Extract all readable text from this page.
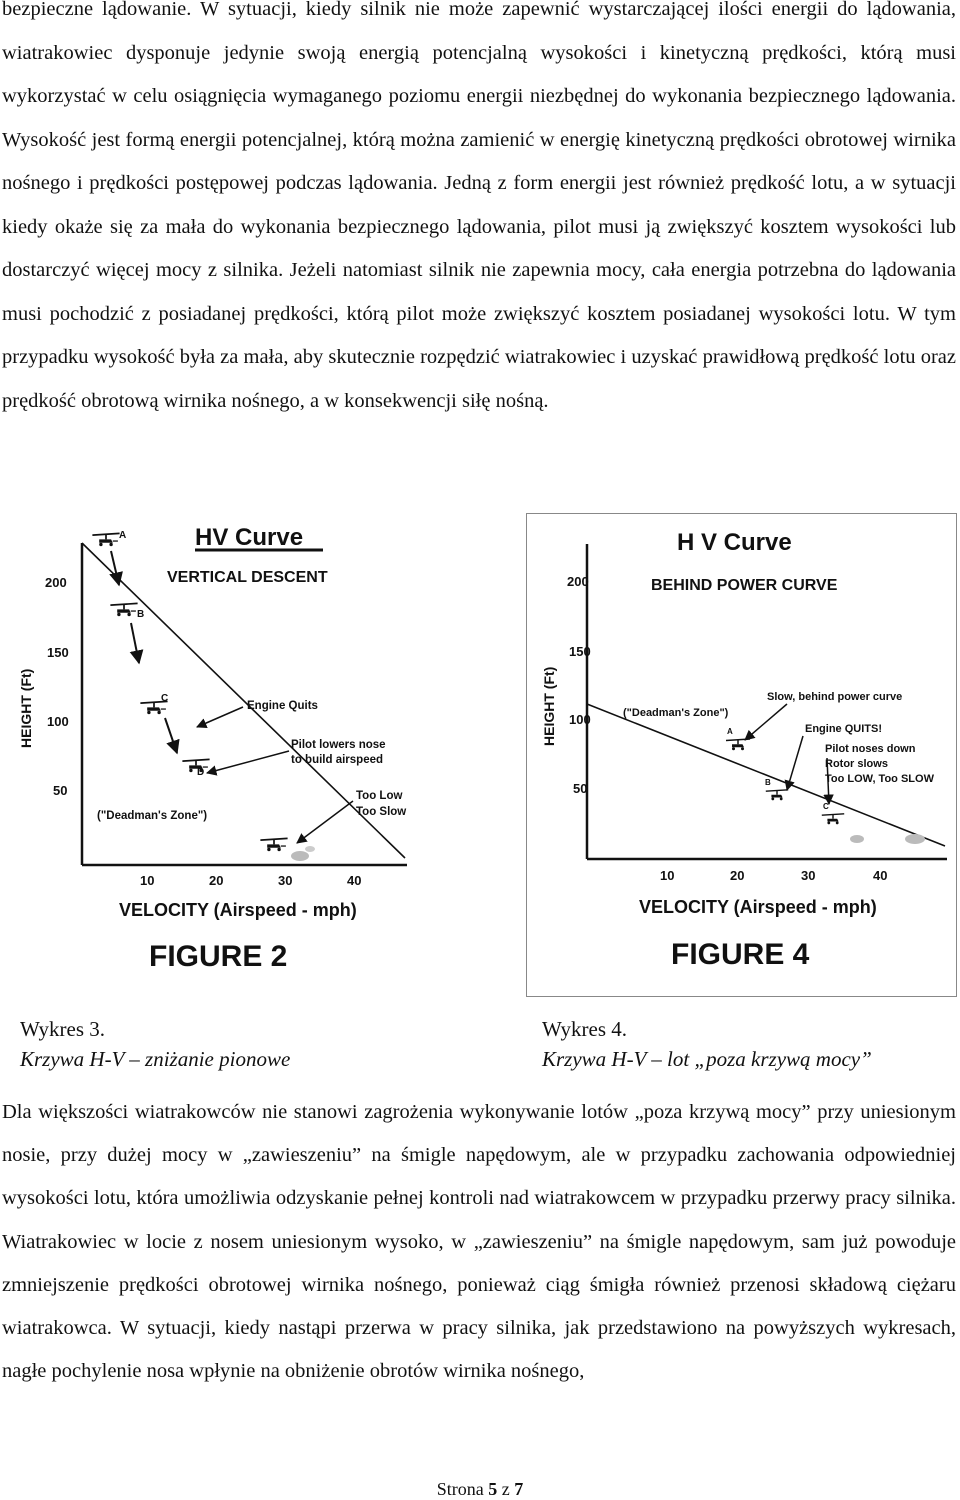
bezpieczne lądowanie. W sytuacji, kiedy silnik nie może zapewnić wystarczającej ilości energii do lądowania, wiatrakowiec dysponuje jedynie swoją energią potencjalną wysokości i kinetyczną prędkości, którą musi wykorzystać w celu osiągnięcia wymaganego poziomu energii niezbędnej do wykonania bezpiecznego lądowania. Wysokość jest formą energii potencjalnej, którą można zamienić w energię kinetyczną prędkości obrotowej wirnika nośnego i prędkości postępowej podczas lądowania. Jedną z form energii jest również prędkość lotu, a w sytuacji kiedy okaże się za mała do wykonania bezpiecznego lądowania, pilot musi ją zwiększyć kosztem wysokości lub dostarczyć więcej mocy z silnika. Jeżeli natomiast silnik nie zapewnia mocy, cała energia potrzebna do lądowania musi pochodzić z posiadanej prędkości, którą pilot może zwiększyć kosztem posiadanej wysokości lotu. W tym przypadku wysokość była za mała, aby skutecznie rozpędzić wiatrakowiec i uzyskać prawidłową prędkość lotu oraz prędkość obrotową wirnika nośnego, a w konsekwencji siłę nośną.

200
150
100
50
10	20	30	40
HEIGHT (Ft)
HV Curve
VERTICAL DESCENT
VELOCITY (Airspeed - mph)
FIGURE 2
A
B
C
D
Engine Quits
Pilot lowers nose
to build airspeed
Too Low
Too Slow
("Deadman's Zone")
200
150
100
50
10	20	30	40
HEIGHT (Ft)
H V Curve
BEHIND POWER CURVE
VELOCITY (Airspeed - mph)
FIGURE 4
A
B
C
("Deadman's Zone")
Slow, behind power curve
Engine QUITS!
Pilot noses down
Rotor slows
Too LOW, Too SLOW
Wykres 3.
Krzywa H-V – zniżanie pionowe
Wykres 4.
Krzywa H-V – lot „poza krzywą mocy”

Dla większości wiatrakowców nie stanowi zagrożenia wykonywanie lotów „poza krzywą mocy” przy uniesionym nosie, przy dużej mocy w „zawieszeniu” na śmigle napędowym, ale w przypadku zachowania odpowiedniej wysokości lotu, która umożliwia odzyskanie pełnej kontroli nad wiatrakowcem w przypadku przerwy pracy silnika. Wiatrakowiec w locie z nosem uniesionym wysoko, w „zawieszeniu” na śmigle napędowym, sam już powoduje zmniejszenie prędkości obrotowej wirnika nośnego, ponieważ ciąg śmigła również przenosi składową ciężaru wiatrakowca. W sytuacji, kiedy nastąpi przerwa w pracy silnika, jak przedstawiono na powyższych wykresach, nagłe pochylenie nosa wpłynie na obniżenie obrotów wirnika nośnego,

Strona 5 z 7
